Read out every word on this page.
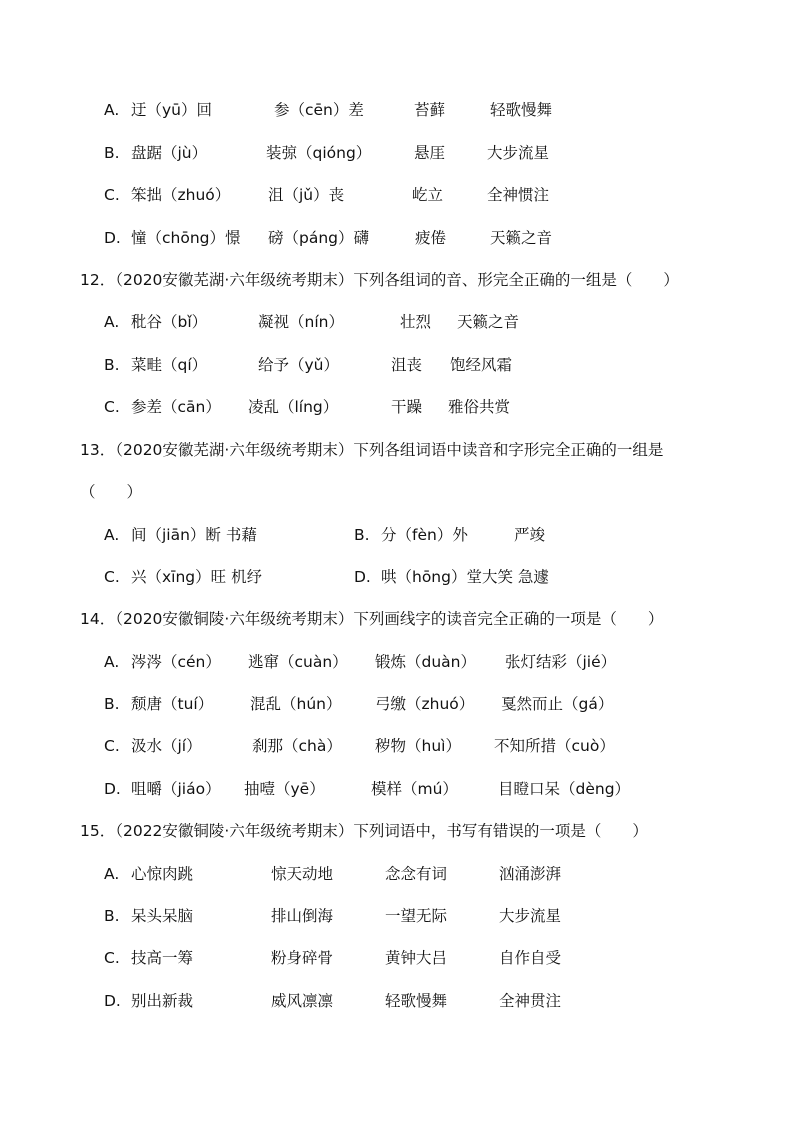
A. 迂（yū）回	参（cēn）差	苔藓	轻歌慢舞
B. 盘踞（jù）	装弶（qióng）	悬厓	大步流星
C. 笨拙（zhuó） 沮（jǔ）丧	屹立	全神惯注
D. 憧（chōng）憬 磅（páng）礴	疲倦	天籁之音
12．（2020安徽芜湖·六年级统考期末）下列各组词的音、形完全正确的一组是（　　）
A. 秕谷（bǐ）	凝视（nín）	壮烈 天籁之音
B. 菜畦（qí）	给予（yǔ）	沮丧 饱经风霜
C. 参差（cān） 凌乱（líng）	干躁 雅俗共赏
13．（2020安徽芜湖·六年级统考期末）下列各组词语中读音和字形完全正确的一组是
（　　）
A. 间（jiān）断 书藉	B. 分（fèn）外	严竣
C. 兴（xīng）旺 机纾	D. 哄（hōng）堂大笑 急遽
14．（2020安徽铜陵·六年级统考期末）下列画线字的读音完全正确的一项是（　　）
A. 涔涔（cén） 逃窜（cuàn） 锻炼（duàn） 张灯结彩（jié）
B. 颓唐（tuí） 混乱（hún） 弓缴（zhuó） 戛然而止（gá）
C. 汲水（jí）	刹那（chà） 秽物（huì） 不知所措（cuò）
D. 咀嚼（jiáo） 抽噎（yē）	模样（mú）	目瞪口呆（dèng）
15．（2022安徽铜陵·六年级统考期末）下列词语中，书写有错误的一项是（　　）
A. 心惊肉跳	惊天动地	念念有词	汹涌澎湃
B. 呆头呆脑	排山倒海	一望无际	大步流星
C. 技高一筹	粉身碎骨	黄钟大吕	自作自受
D. 别出新裁	威风凛凛	轻歌慢舞	全神贯注
